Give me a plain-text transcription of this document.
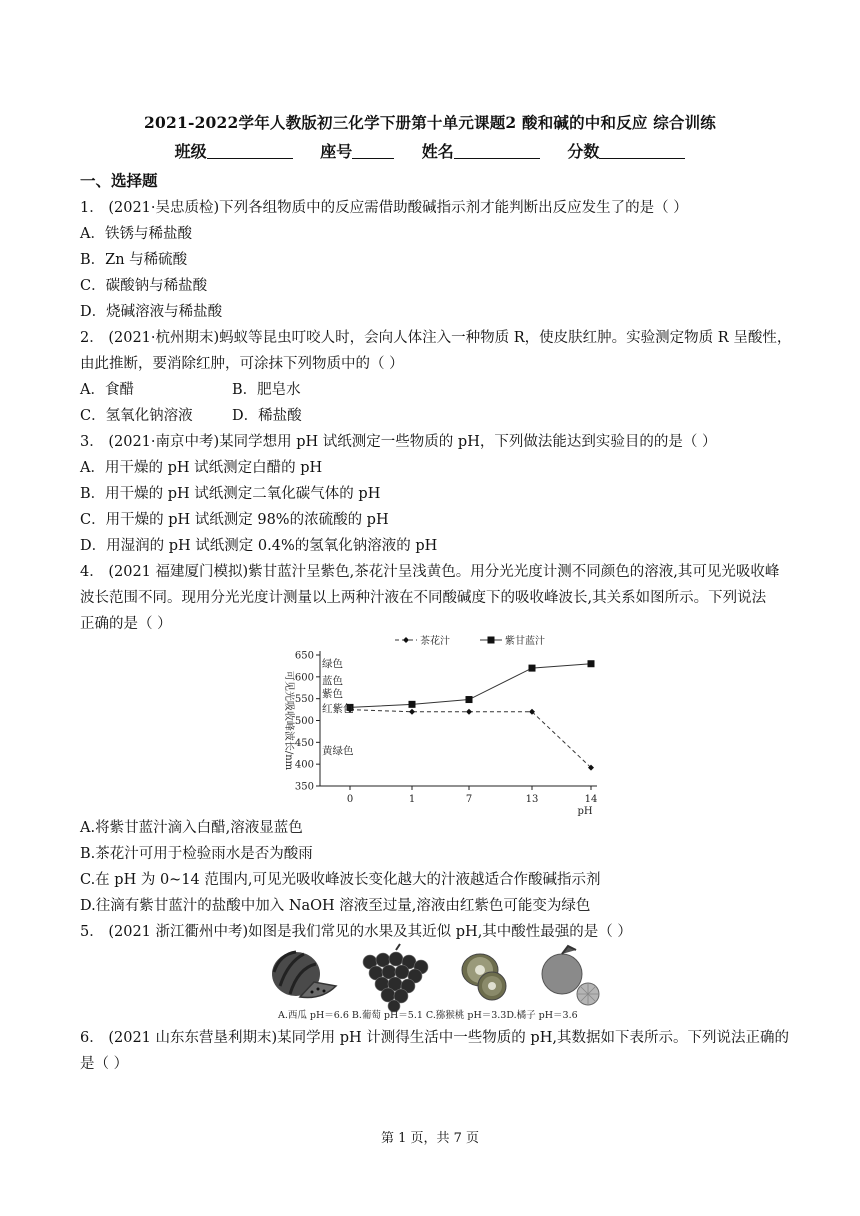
2021-2022学年人教版初三化学下册第十单元课题2 酸和碱的中和反应 综合训练
班级	座号	姓名	分数
一、选择题
1． (2021·吴忠质检)下列各组物质中的反应需借助酸碱指示剂才能判断出反应发生了的是（ ）
A．铁锈与稀盐酸
B．Zn 与稀硫酸
C．碳酸钠与稀盐酸
D．烧碱溶液与稀盐酸
2． (2021·杭州期末)蚂蚁等昆虫叮咬人时，会向人体注入一种物质 R，使皮肤红肿。实验测定物质 R 呈酸性，
由此推断，要消除红肿，可涂抹下列物质中的（ ）
A．食醋	B．肥皂水
C．氢氧化钠溶液	D．稀盐酸
3． (2021·南京中考)某同学想用 pH 试纸测定一些物质的 pH，下列做法能达到实验目的的是（ ）
A．用干燥的 pH 试纸测定白醋的 pH
B．用干燥的 pH 试纸测定二氧化碳气体的 pH
C．用干燥的 pH 试纸测定 98%的浓硫酸的 pH
D．用湿润的 pH 试纸测定 0.4%的氢氧化钠溶液的 pH
4． (2021 福建厦门模拟)紫甘蓝汁呈紫色,茶花汁呈浅黄色。用分光光度计测不同颜色的溶液,其可见光吸收峰
波长范围不同。现用分光光度计测量以上两种汁液在不同酸碱度下的吸收峰波长,其关系如图所示。下列说法
正确的是（ ）
350
400
450
500
550
600
650
0	1	7	13	14
pH
可见光吸收峰波长/nm
茶花汁	紫甘蓝汁
绿色
蓝色
紫色
红紫色
黄绿色
A.将紫甘蓝汁滴入白醋,溶液显蓝色
B.茶花汁可用于检验雨水是否为酸雨
C.在 pH 为 0~14 范围内,可见光吸收峰波长变化越大的汁液越适合作酸碱指示剂
D.往滴有紫甘蓝汁的盐酸中加入 NaOH 溶液至过量,溶液由红紫色可能变为绿色
5． (2021 浙江衢州中考)如图是我们常见的水果及其近似 pH,其中酸性最强的是（ ）
A.西瓜 pH＝6.6 B.葡萄 pH＝5.1 C.猕猴桃 pH＝3.3D.橘子 pH＝3.6
6． (2021 山东东营垦利期末)某同学用 pH 计测得生活中一些物质的 pH,其数据如下表所示。下列说法正确的
是（ ）
第 1 页，共 7 页
